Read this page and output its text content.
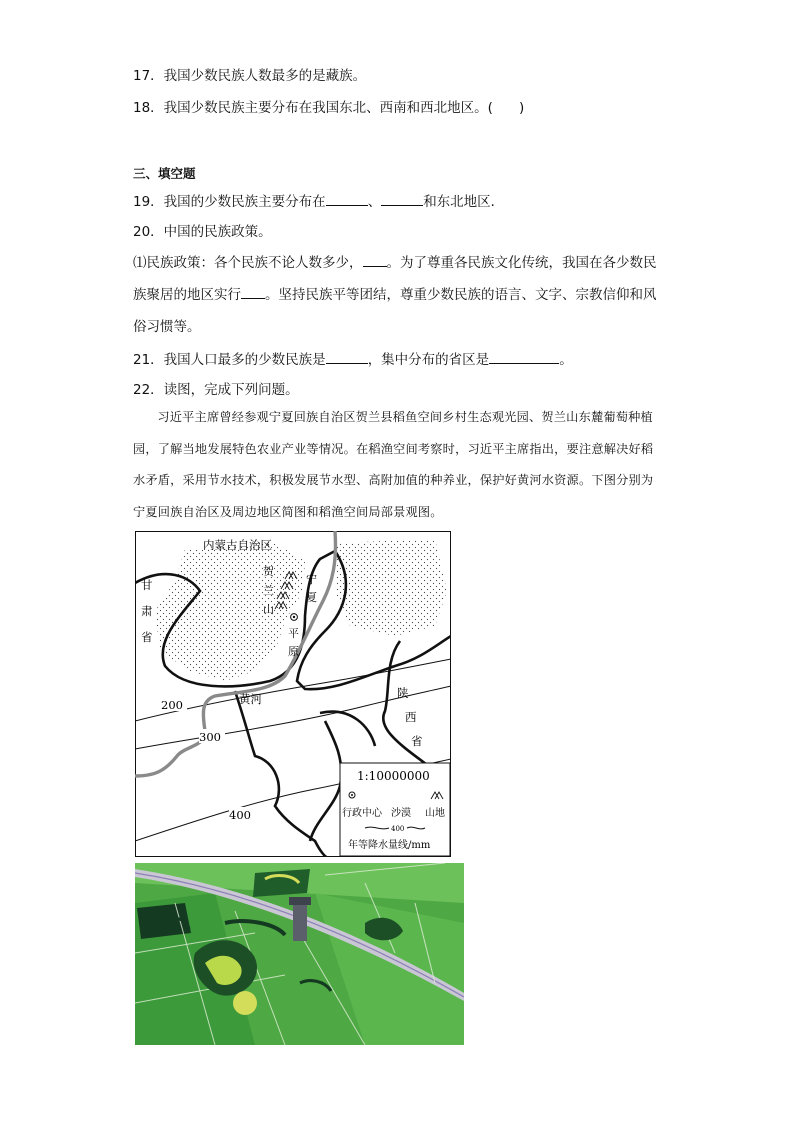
17．我国少数民族人数最多的是藏族。
18．我国少数民族主要分布在我国东北、西南和西北地区。( )
三、填空题
19．我国的少数民族主要分布在	、	和东北地区．
20．中国的民族政策。
⑴民族政策：各个民族不论人数多少， 。为了尊重各民族文化传统，我国在各少数民族聚居的地区实行 。坚持民族平等团结，尊重少数民族的语言、文字、宗教信仰和风俗习惯等。
21．我国人口最多的少数民族是	，集中分布的省区是	。
22．读图，完成下列问题。
习近平主席曾经参观宁夏回族自治区贺兰县稻鱼空间乡村生态观光园、贺兰山东麓葡萄种植园，了解当地发展特色农业产业等情况。在稻渔空间考察时，习近平主席指出，要注意解决好稻水矛盾，采用节水技术，积极发展节水型、高附加值的种养业，保护好黄河水资源。下图分别为宁夏回族自治区及周边地区简图和稻渔空间局部景观图。
内蒙古自治区
甘
肃
省
贺
兰
山
宁
夏
平
原
黄河	陕
西
省
200
300
400
1:10000000
行政中心 沙漠 山地
400
年等降水量线/mm
